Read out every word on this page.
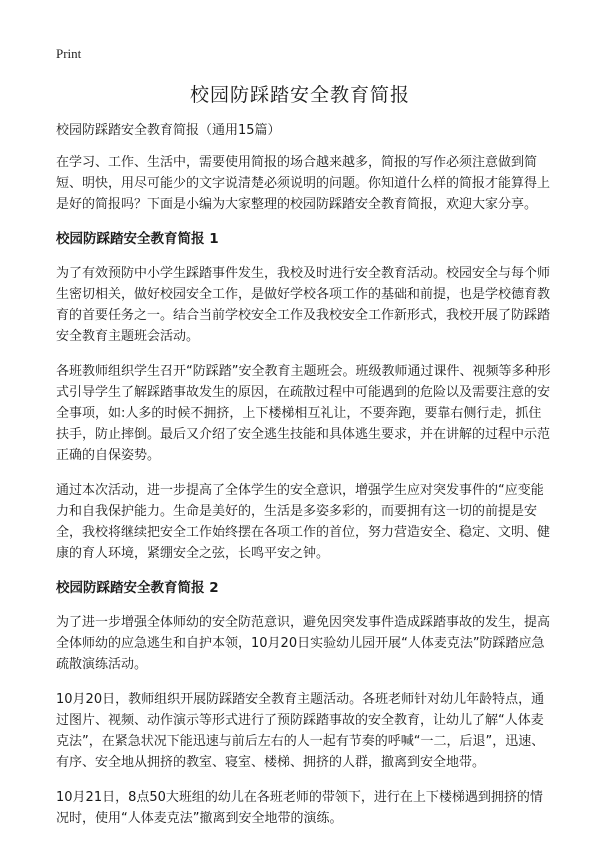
Print
校园防踩踏安全教育简报

校园防踩踏安全教育简报（通用15篇）

在学习、工作、生活中，需要使用简报的场合越来越多，简报的写作必须注意做到简短、明快，用尽可能少的文字说清楚必须说明的问题。你知道什么样的简报才能算得上是好的简报吗？下面是小编为大家整理的校园防踩踏安全教育简报，欢迎大家分享。

校园防踩踏安全教育简报 1

为了有效预防中小学生踩踏事件发生，我校及时进行安全教育活动。校园安全与每个师生密切相关，做好校园安全工作，是做好学校各项工作的基础和前提，也是学校德育教育的首要任务之一。结合当前学校安全工作及我校安全工作新形式，我校开展了防踩踏安全教育主题班会活动。

各班教师组织学生召开“防踩踏”安全教育主题班会。班级教师通过课件、视频等多种形式引导学生了解踩踏事故发生的原因，在疏散过程中可能遇到的危险以及需要注意的安全事项，如:人多的时候不拥挤，上下楼梯相互礼让，不要奔跑，要靠右侧行走，抓住扶手，防止摔倒。最后又介绍了安全逃生技能和具体逃生要求，并在讲解的过程中示范正确的自保姿势。

通过本次活动，进一步提高了全体学生的安全意识，增强学生应对突发事件的“应变能力和自我保护能力。生命是美好的，生活是多姿多彩的，而要拥有这一切的前提是安全，我校将继续把安全工作始终摆在各项工作的首位，努力营造安全、稳定、文明、健康的育人环境，紧绷安全之弦，长鸣平安之钟。

校园防踩踏安全教育简报 2

为了进一步增强全体师幼的安全防范意识，避免因突发事件造成踩踏事故的发生，提高全体师幼的应急逃生和自护本领，10月20日实验幼儿园开展“人体麦克法”防踩踏应急疏散演练活动。

10月20日，教师组织开展防踩踏安全教育主题活动。各班老师针对幼儿年龄特点，通过图片、视频、动作演示等形式进行了预防踩踏事故的安全教育，让幼儿了解“人体麦克法”，在紧急状况下能迅速与前后左右的人一起有节奏的呼喊“一二，后退”，迅速、有序、安全地从拥挤的教室、寝室、楼梯、拥挤的人群，撤离到安全地带。

10月21日，8点50大班组的幼儿在各班老师的带领下，进行在上下楼梯遇到拥挤的情况时，使用“人体麦克法”撤离到安全地带的演练。
